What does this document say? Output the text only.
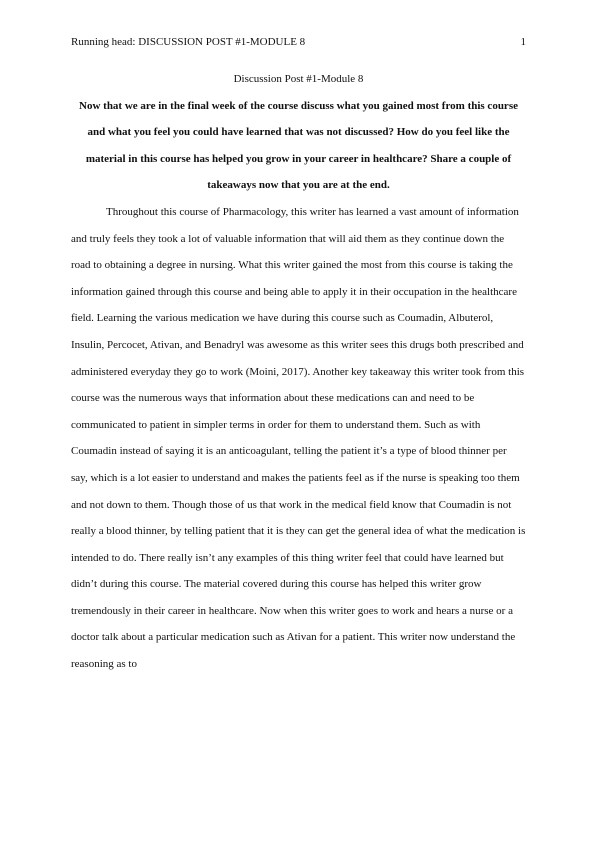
Running head: DISCUSSION POST #1-MODULE 8	1

Discussion Post #1-Module 8

Now that we are in the final week of the course discuss what you gained most from this course and what you feel you could have learned that was not discussed? How do you feel like the material in this course has helped you grow in your career in healthcare? Share a couple of takeaways now that you are at the end.

Throughout this course of Pharmacology, this writer has learned a vast amount of information and truly feels they took a lot of valuable information that will aid them as they continue down the road to obtaining a degree in nursing. What this writer gained the most from this course is taking the information gained through this course and being able to apply it in their occupation in the healthcare field. Learning the various medication we have during this course such as Coumadin, Albuterol, Insulin, Percocet, Ativan, and Benadryl was awesome as this writer sees this drugs both prescribed and administered everyday they go to work (Moini, 2017). Another key takeaway this writer took from this course was the numerous ways that information about these medications can and need to be communicated to patient in simpler terms in order for them to understand them. Such as with Coumadin instead of saying it is an anticoagulant, telling the patient it’s a type of blood thinner per say, which is a lot easier to understand and makes the patients feel as if the nurse is speaking too them and not down to them. Though those of us that work in the medical field know that Coumadin is not really a blood thinner, by telling patient that it is they can get the general idea of what the medication is intended to do. There really isn’t any examples of this thing writer feel that could have learned but didn’t during this course. The material covered during this course has helped this writer grow tremendously in their career in healthcare. Now when this writer goes to work and hears a nurse or a doctor talk about a particular medication such as Ativan for a patient. This writer now understand the reasoning as to
